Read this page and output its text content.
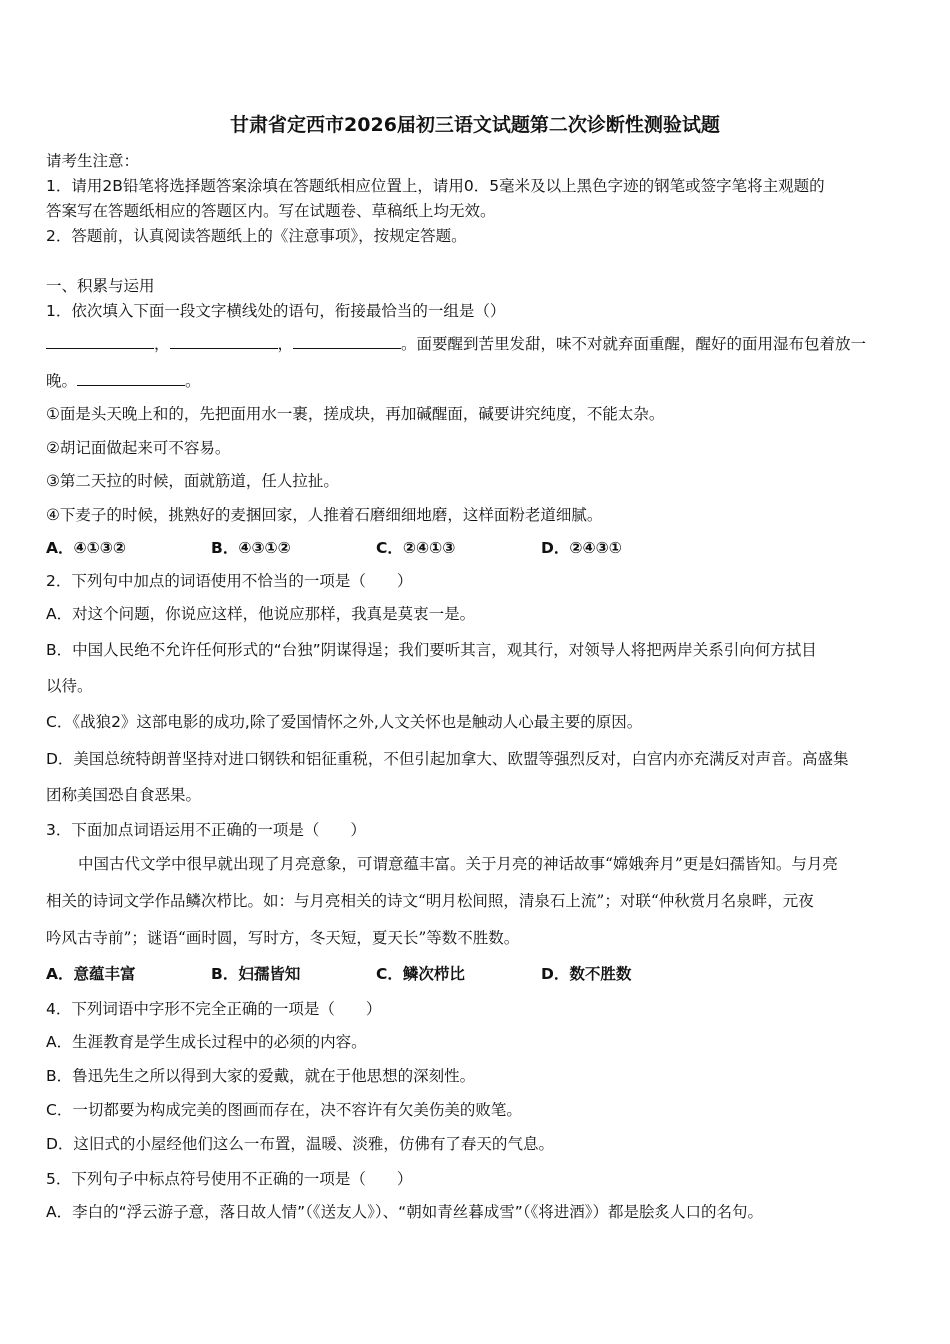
甘肃省定西市2026届初三语文试题第二次诊断性测验试题
请考生注意：
1．请用2B铅笔将选择题答案涂填在答题纸相应位置上，请用0．5毫米及以上黑色字迹的钢笔或签字笔将主观题的
答案写在答题纸相应的答题区内。写在试题卷、草稿纸上均无效。
2．答题前，认真阅读答题纸上的《注意事项》，按规定答题。
一、积累与运用
1．依次填入下面一段文字横线处的语句，衔接最恰当的一组是（）
，	，	。面要醒到苦里发甜，味不对就弃面重醒，醒好的面用湿布包着放一
晚。	。
①面是头天晚上和的，先把面用水一裹，搓成块，再加碱醒面，碱要讲究纯度，不能太杂。
②胡记面做起来可不容易。
③第二天拉的时候，面就筋道，任人拉扯。
④下麦子的时候，挑熟好的麦捆回家，人推着石磨细细地磨，这样面粉老道细腻。
A．④①③②	B．④③①②	C．②④①③	D．②④③①
2．下列句中加点的词语使用不恰当的一项是（　　）
A．对这个问题，你说应这样，他说应那样，我真是莫衷一是。
B．中国人民绝不允许任何形式的“台独”阴谋得逞；我们要听其言，观其行，对领导人将把两岸关系引向何方拭目
以待。
C．《战狼2》这部电影的成功,除了爱国情怀之外,人文关怀也是触动人心最主要的原因。
D．美国总统特朗普坚持对进口钢铁和铝征重税，不但引起加拿大、欧盟等强烈反对，白宫内亦充满反对声音。高盛集
团称美国恐自食恶果。
3．下面加点词语运用不正确的一项是（　　）
中国古代文学中很早就出现了月亮意象，可谓意蕴丰富。关于月亮的神话故事“嫦娥奔月”更是妇孺皆知。与月亮
相关的诗词文学作品鳞次栉比。如：与月亮相关的诗文“明月松间照，清泉石上流”；对联“仲秋赏月名泉畔，元夜
吟风古寺前”；谜语“画时圆，写时方，冬天短，夏天长”等数不胜数。
A．意蕴丰富	B．妇孺皆知	C．鳞次栉比	D．数不胜数
4．下列词语中字形不完全正确的一项是（　　）
A．生涯教育是学生成长过程中的必须的内容。
B．鲁迅先生之所以得到大家的爱戴，就在于他思想的深刻性。
C．一切都要为构成完美的图画而存在，决不容许有欠美伤美的败笔。
D．这旧式的小屋经他们这么一布置，温暖、淡雅，仿佛有了春天的气息。
5．下列句子中标点符号使用不正确的一项是（　　）
A．李白的“浮云游子意，落日故人情”（《送友人》）、“朝如青丝暮成雪”（《将进酒》）都是脍炙人口的名句。
